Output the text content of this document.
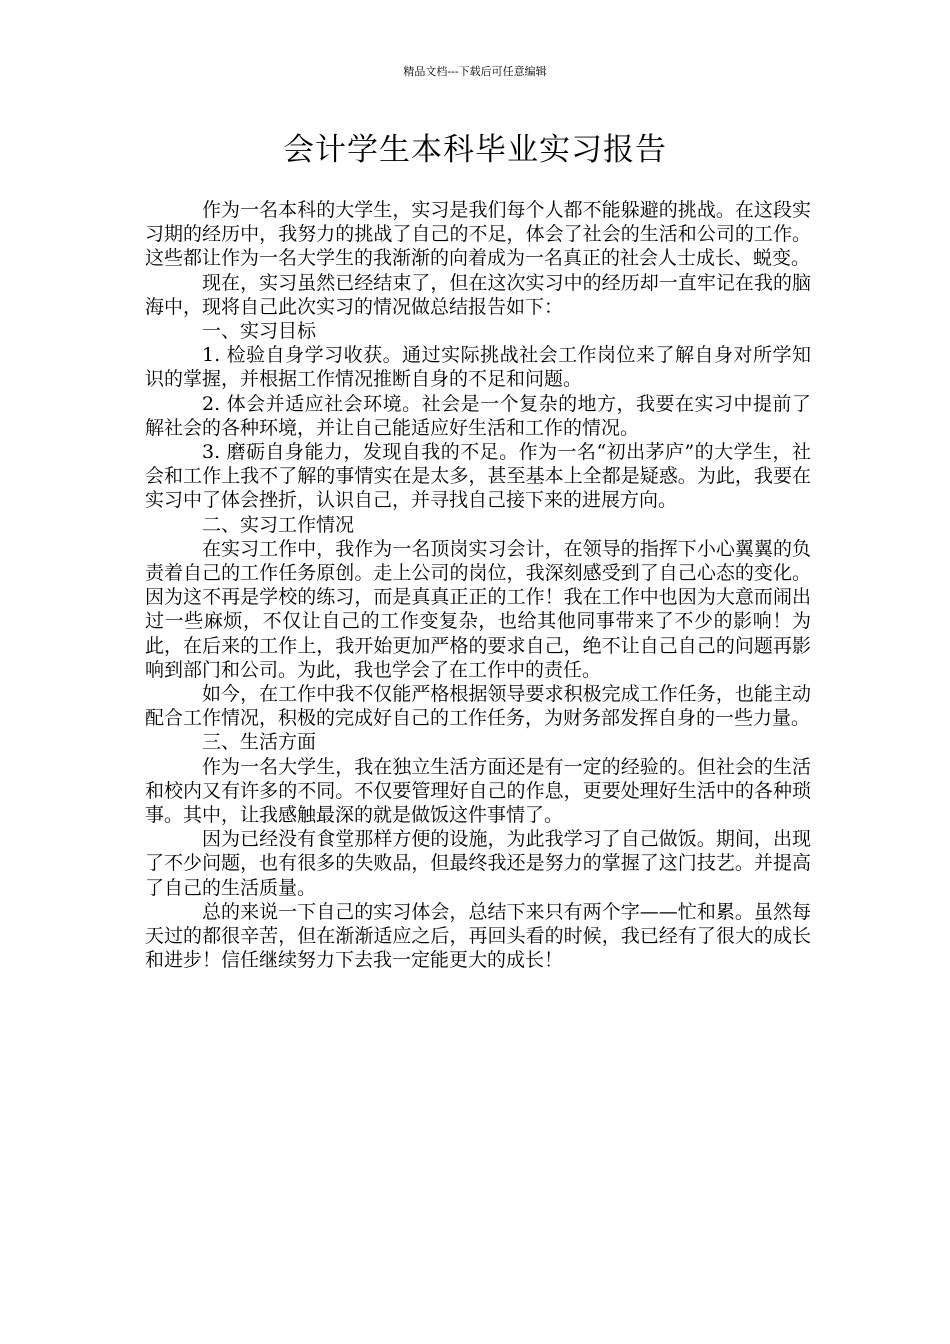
精品文档---下载后可任意编辑
会计学生本科毕业实习报告

作为一名本科的大学生，实习是我们每个人都不能躲避的挑战。在这段实习期的经历中，我努力的挑战了自己的不足，体会了社会的生活和公司的工作。这些都让作为一名大学生的我渐渐的向着成为一名真正的社会人士成长、蜕变。

现在，实习虽然已经结束了，但在这次实习中的经历却一直牢记在我的脑海中，现将自己此次实习的情况做总结报告如下：

一、实习目标

1. 检验自身学习收获。通过实际挑战社会工作岗位来了解自身对所学知识的掌握，并根据工作情况推断自身的不足和问题。

2. 体会并适应社会环境。社会是一个复杂的地方，我要在实习中提前了解社会的各种环境，并让自己能适应好生活和工作的情况。

3. 磨砺自身能力，发现自我的不足。作为一名“初出茅庐”的大学生，社会和工作上我不了解的事情实在是太多，甚至基本上全都是疑惑。为此，我要在实习中了体会挫折，认识自己，并寻找自己接下来的进展方向。

二、实习工作情况

在实习工作中，我作为一名顶岗实习会计，在领导的指挥下小心翼翼的负责着自己的工作任务原创。走上公司的岗位，我深刻感受到了自己心态的变化。因为这不再是学校的练习，而是真真正正的工作！我在工作中也因为大意而闹出过一些麻烦，不仅让自己的工作变复杂，也给其他同事带来了不少的影响！为此，在后来的工作上，我开始更加严格的要求自己，绝不让自己自己的问题再影响到部门和公司。为此，我也学会了在工作中的责任。

如今，在工作中我不仅能严格根据领导要求积极完成工作任务，也能主动配合工作情况，积极的完成好自己的工作任务，为财务部发挥自身的一些力量。

三、生活方面

作为一名大学生，我在独立生活方面还是有一定的经验的。但社会的生活和校内又有许多的不同。不仅要管理好自己的作息，更要处理好生活中的各种琐事。其中，让我感触最深的就是做饭这件事情了。

因为已经没有食堂那样方便的设施，为此我学习了自己做饭。期间，出现了不少问题，也有很多的失败品，但最终我还是努力的掌握了这门技艺。并提高了自己的生活质量。

总的来说一下自己的实习体会，总结下来只有两个字——忙和累。虽然每天过的都很辛苦，但在渐渐适应之后，再回头看的时候，我已经有了很大的成长和进步！信任继续努力下去我一定能更大的成长！
